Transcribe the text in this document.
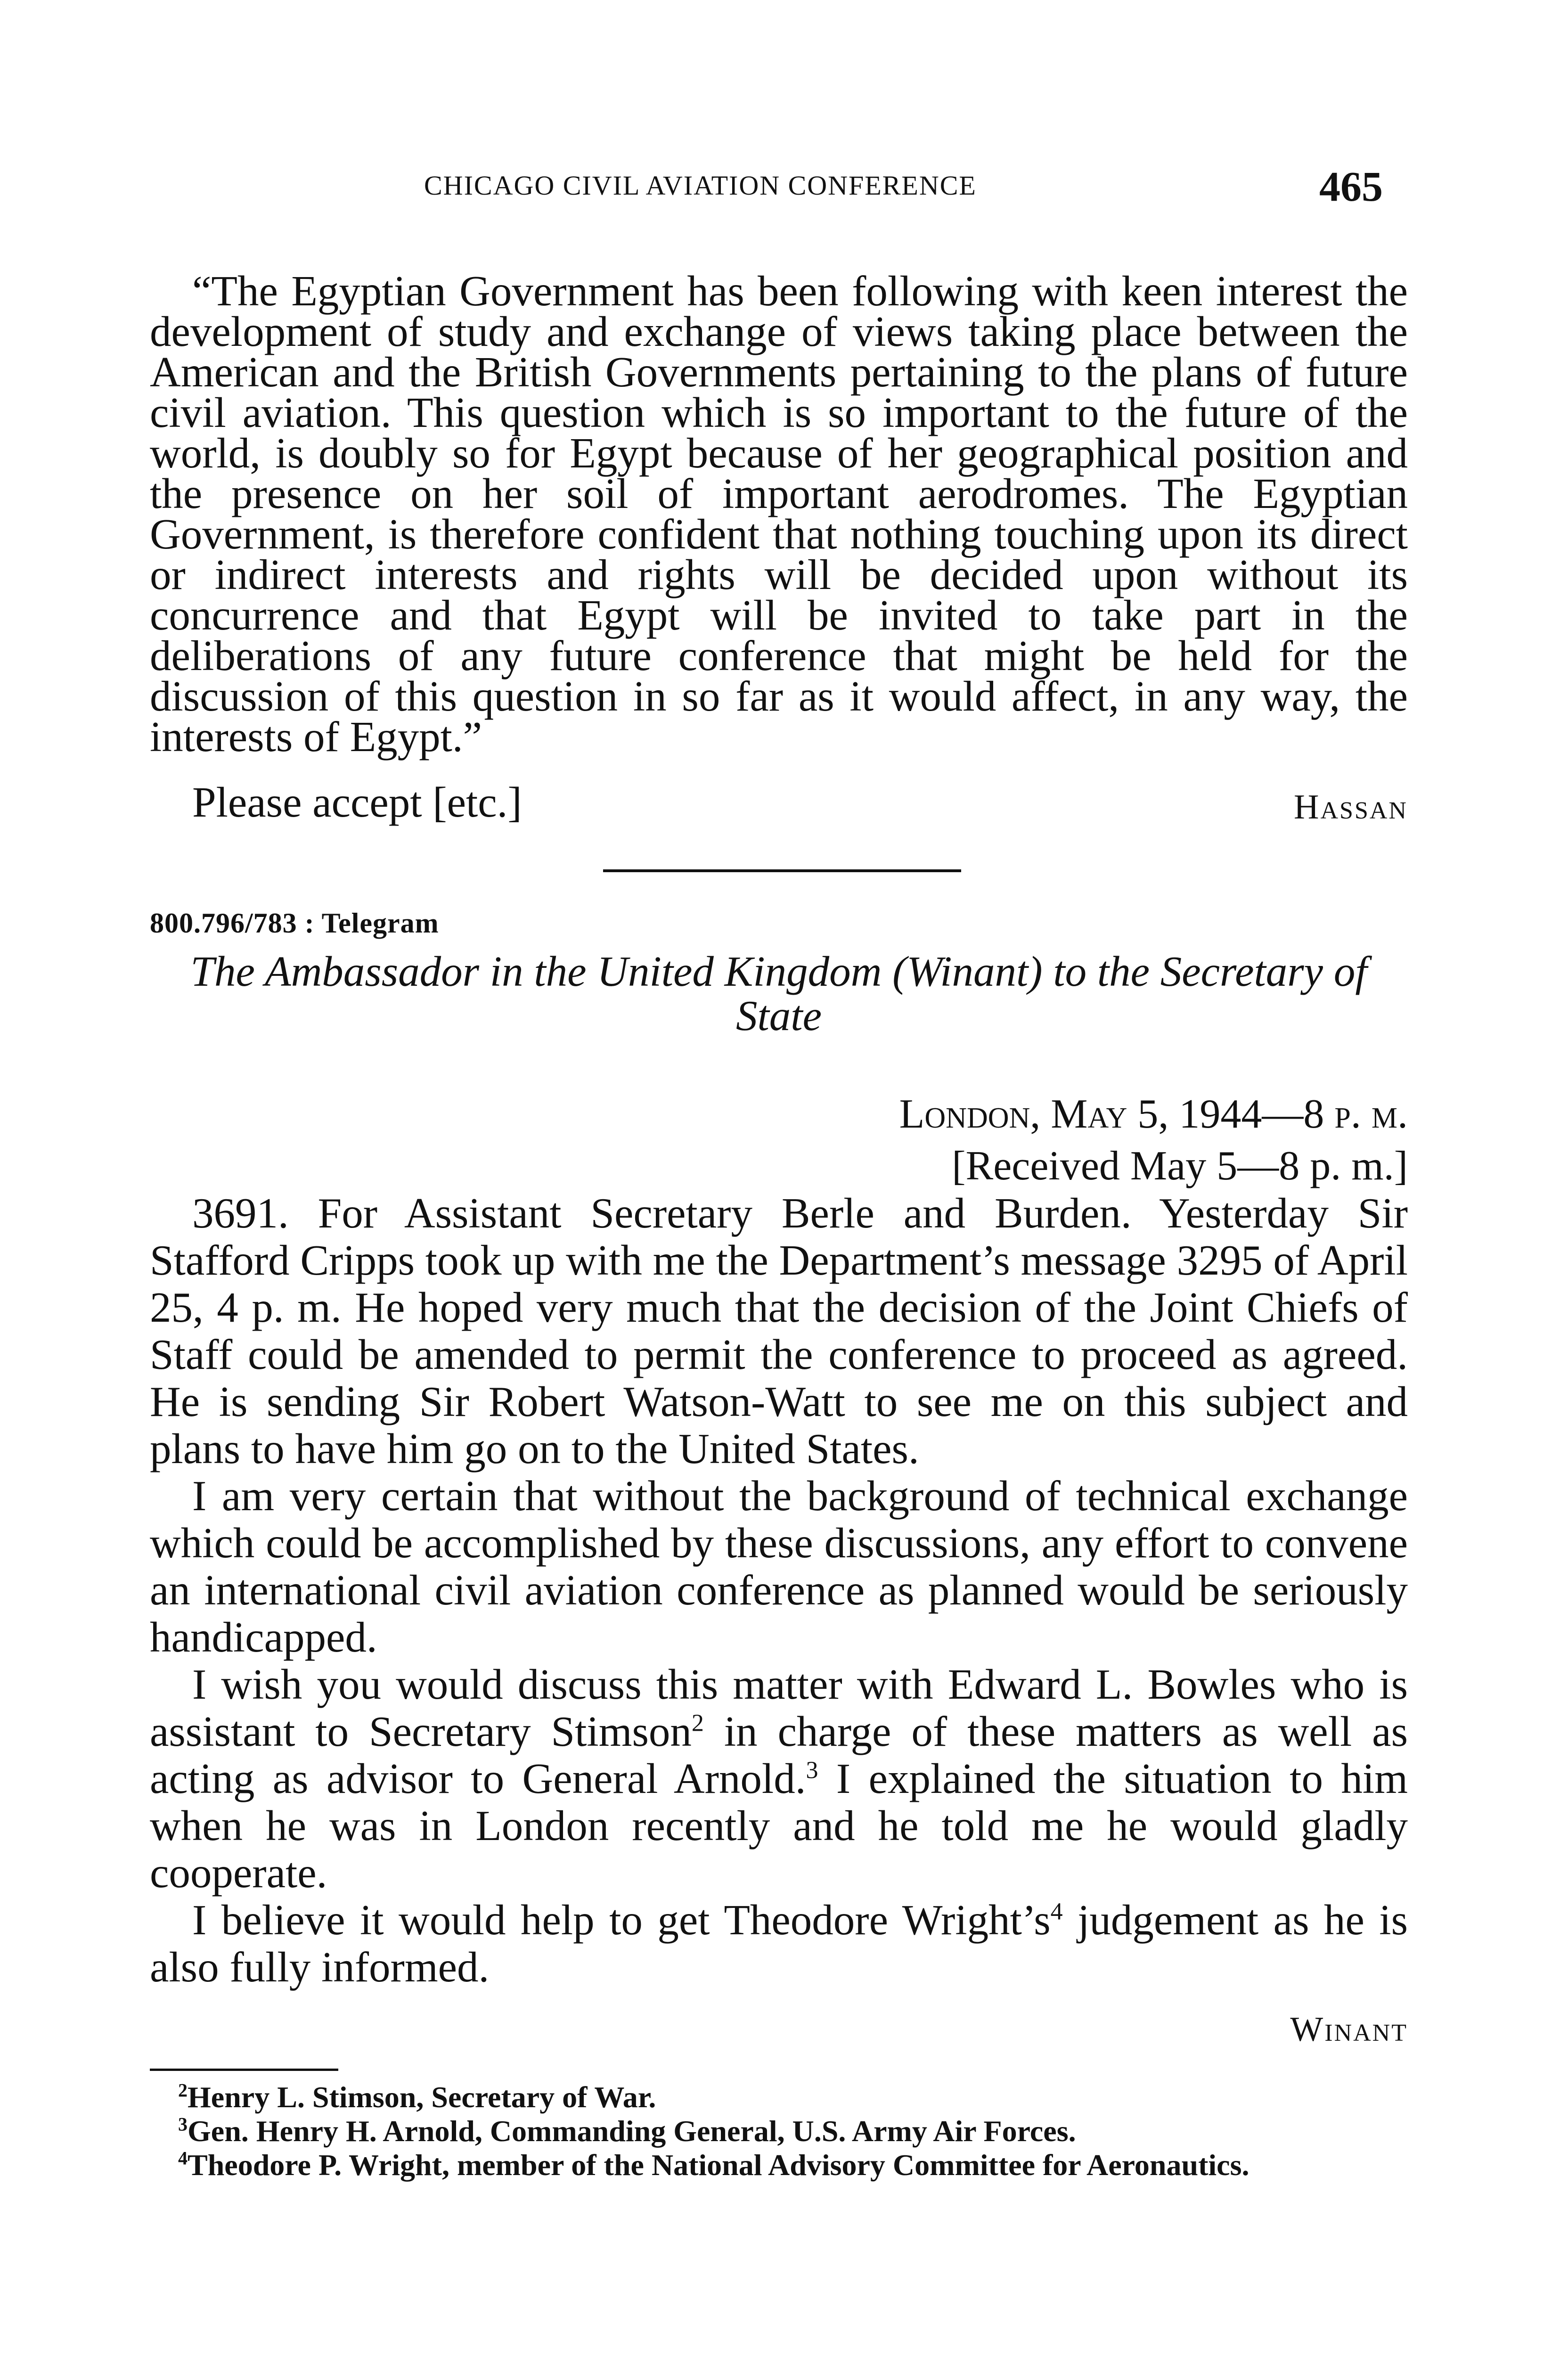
CHICAGO CIVIL AVIATION CONFERENCE	465

“The Egyptian Government has been following with keen interest the development of study and exchange of views taking place between the American and the British Governments pertaining to the plans of future civil aviation. This question which is so important to the future of the world, is doubly so for Egypt because of her geographical position and the presence on her soil of important aerodromes. The Egyptian Government, is therefore confident that nothing touching upon its direct or indirect interests and rights will be decided upon without its concurrence and that Egypt will be invited to take part in the deliberations of any future conference that might be held for the discussion of this question in so far as it would affect, in any way, the interests of Egypt.”

Please accept [etc.]	Hassan
800.796/783 : Telegram
The Ambassador in the United Kingdom (Winant) to the Secretary of State
London, May 5, 1944—8 p. m.
[Received May 5—8 p. m.]

3691. For Assistant Secretary Berle and Burden. Yesterday Sir Stafford Cripps took up with me the Department’s message 3295 of April 25, 4 p. m. He hoped very much that the decision of the Joint Chiefs of Staff could be amended to permit the conference to proceed as agreed. He is sending Sir Robert Watson-Watt to see me on this subject and plans to have him go on to the United States.

I am very certain that without the background of technical exchange which could be accomplished by these discussions, any effort to convene an international civil aviation conference as planned would be seriously handicapped.

I wish you would discuss this matter with Edward L. Bowles who is assistant to Secretary Stimson$^2$ in charge of these matters as well as acting as advisor to General Arnold.$^3$ I explained the situation to him when he was in London recently and he told me he would gladly cooperate.

I believe it would help to get Theodore Wright’s$^4$ judgement as he is also fully informed.

Winant

$^2$Henry L. Stimson, Secretary of War.

$^3$Gen. Henry H. Arnold, Commanding General, U.S. Army Air Forces.

$^4$Theodore P. Wright, member of the National Advisory Committee for Aeronautics.
